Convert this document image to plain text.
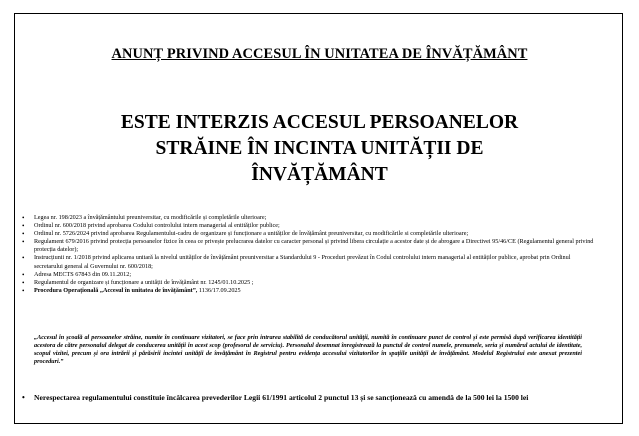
ANUNȚ PRIVIND ACCESUL ÎN UNITATEA DE ÎNVĂȚĂMÂNT
ESTE INTERZIS ACCESUL PERSOANELOR
STRĂINE ÎN INCINTA UNITĂȚII DE
ÎNVĂȚĂMÂNT
• Legea nr. 198/2023 a învățământului preuniversitar, cu modificările și completările ulterioare;
• Ordinul nr. 600/2018 privind aprobarea Codului controlului intern managerial al entităților publice;
• Ordinul nr. 5726/2024 privind aprobarea Regulamentului-cadru de organizare și funcționare a unităților de învățământ preuniversitar, cu modificările si completările ulterioare;
• Regulament 679/2016 privind protecția persoanelor fizice în ceea ce privește prelucrarea datelor cu caracter personal și privind libera circulație a acestor date și de abrogare a Directivei 95/46/CE (Regulamentul general privind protecția datelor);
• Instrucțiunii nr. 1/2018 privind aplicarea unitară la nivelul unităților de învățământ preuniversitar a Standardului 9 - Proceduri prevăzut în Codul controlului intern managerial al entităților publice, aprobat prin Ordinul secretarului general al Guvernului nr. 600/2018;
• Adresa MECTS 67843 din 09.11.2012;
• Regulamentul de organizare și funcționare a unității de învățământ nr. 1245/01.10.2025 ;
• Procedura Operațională „Accesul în unitatea de învățământ”, 1136/17.09.2025

„Accesul în școală al persoanelor străine, numite în continuare vizitatori, se face prin intrarea stabilită de conducătorul unității, numită în continuare punct de control și este permisă după verificarea identității acestora de către personalul delegat de conducerea unității în acest scop (profesorul de serviciu). Personalul desemnat înregistrează la punctul de control numele, prenumele, seria și numărul actului de identitate, scopul vizitei, precum și ora intrării și părăsirii incintei unității de învățământ în Registrul pentru evidența accesului vizitatorilor în spațiile unității de învățământ. Modelul Registrului este anexat prezentei proceduri.”

• Nerespectarea regulamentului constituie încălcarea prevederilor Legii 61/1991 articolul 2 punctul 13 și se sancționează cu amendă de la 500 lei la 1500 lei
